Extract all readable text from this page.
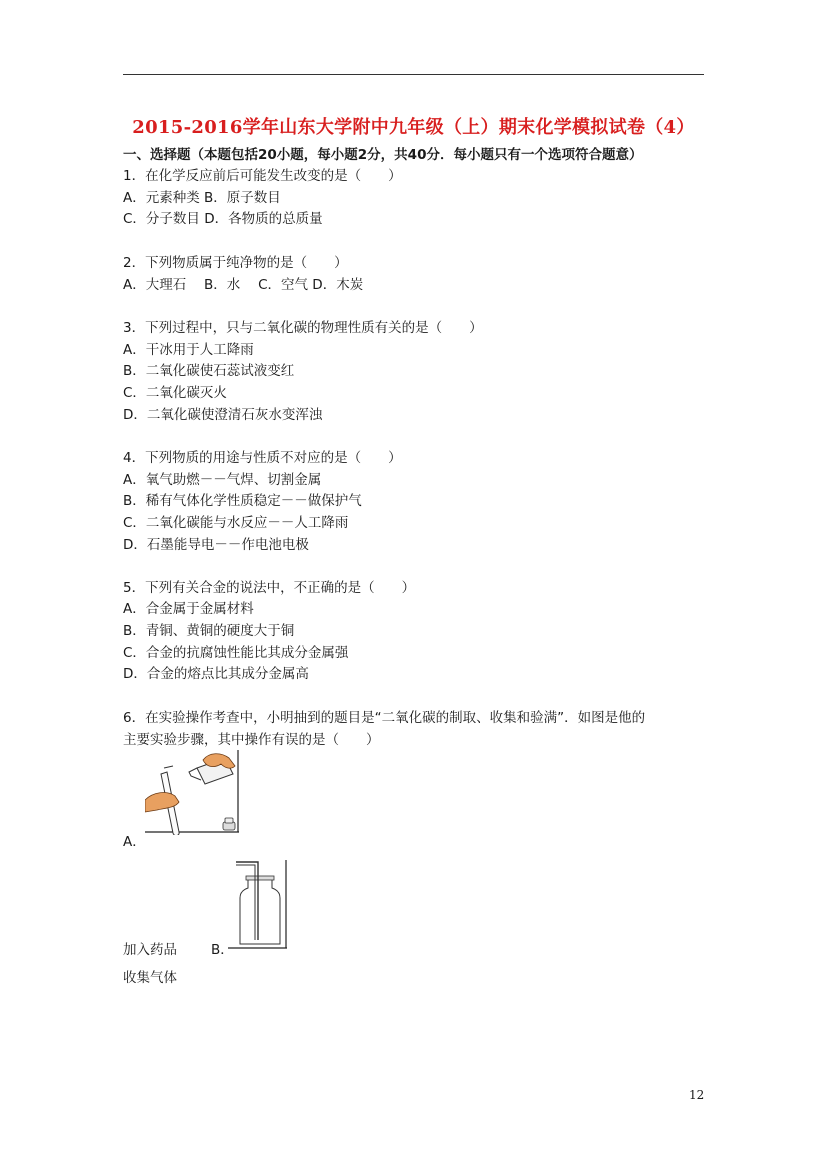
2015-2016学年山东大学附中九年级（上）期末化学模拟试卷（4）
一、选择题（本题包括20小题，每小题2分，共40分．每小题只有一个选项符合题意）
1．在化学反应前后可能发生改变的是（　　）
A．元素种类 B．原子数目
C．分子数目 D．各物质的总质量
2．下列物质属于纯净物的是（　　）
A．大理石　 B．水　 C．空气 D．木炭
3．下列过程中，只与二氧化碳的物理性质有关的是（　　）
A．干冰用于人工降雨
B．二氧化碳使石蕊试液变红
C．二氧化碳灭火
D．二氧化碳使澄清石灰水变浑浊
4．下列物质的用途与性质不对应的是（　　）
A．氧气助燃－－气焊、切割金属
B．稀有气体化学性质稳定－－做保护气
C．二氧化碳能与水反应－－人工降雨
D．石墨能导电－－作电池电极
5．下列有关合金的说法中，不正确的是（　　）
A．合金属于金属材料
B．青铜、黄铜的硬度大于铜
C．合金的抗腐蚀性能比其成分金属强
D．合金的熔点比其成分金属高
6．在实验操作考查中，小明抽到的题目是“二氧化碳的制取、收集和验满”．如图是他的
主要实验步骤，其中操作有误的是（　　）
A．
加入药品	B．
收集气体
12
